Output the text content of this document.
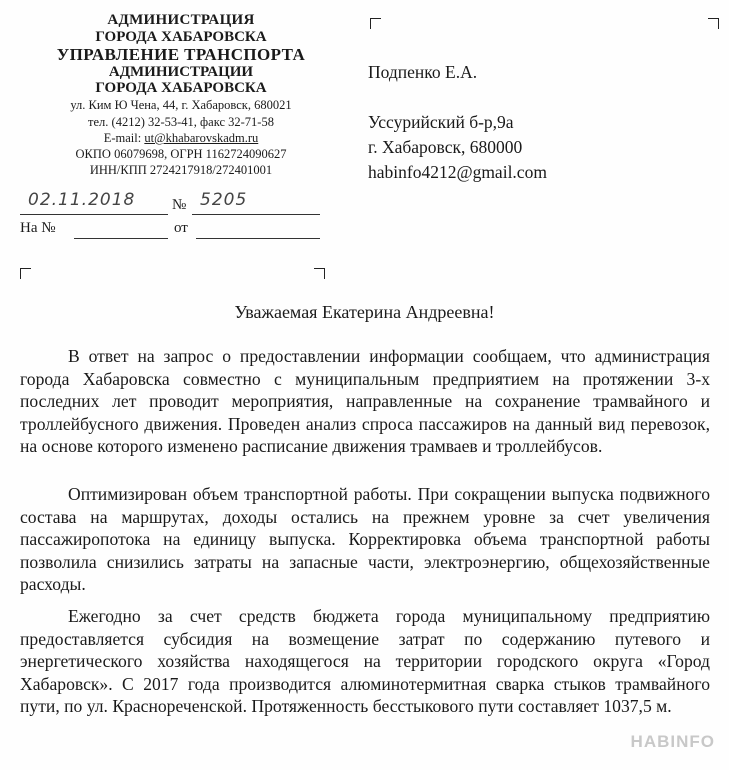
АДМИНИСТРАЦИЯ
ГОРОДА ХАБАРОВСКА
УПРАВЛЕНИЕ ТРАНСПОРТА
АДМИНИСТРАЦИИ
ГОРОДА ХАБАРОВСКА
ул. Ким Ю Чена, 44, г. Хабаровск, 680021
тел. (4212) 32-53-41, факс 32-71-58
E-mail: ut@khabarovskadm.ru
ОКПО 06079698, ОГРН 1162724090627
ИНН/КПП 2724217918/272401001
02.11.2018 № 5205
На №	от
Подпенко Е.А.
Уссурийский б-р,9а
г. Хабаровск, 680000
habinfo4212@gmail.com
Уважаемая Екатерина Андреевна!
В ответ на запрос о предоставлении информации сообщаем, что администрация города Хабаровска совместно с муниципальным предприятием на протяжении 3-х последних лет проводит мероприятия, направленные на сохранение трамвайного и троллейбусного движения. Проведен анализ спроса пассажиров на данный вид перевозок, на основе которого изменено расписание движения трамваев и троллейбусов.
Оптимизирован объем транспортной работы. При сокращении выпуска подвижного состава на маршрутах, доходы остались на прежнем уровне за счет увеличения пассажиропотока на единицу выпуска. Корректировка объема транспортной работы позволила снизились затраты на запасные части, электроэнергию, общехозяйственные расходы.
Ежегодно за счет средств бюджета города муниципальному предприятию предоставляется субсидия на возмещение затрат по содержанию путевого и энергетического хозяйства находящегося на территории городского округа «Город Хабаровск». С 2017 года производится алюминотермитная сварка стыков трамвайного пути, по ул. Краснореченской. Протяженность бесстыкового пути составляет 1037,5 м.
HABINFO
